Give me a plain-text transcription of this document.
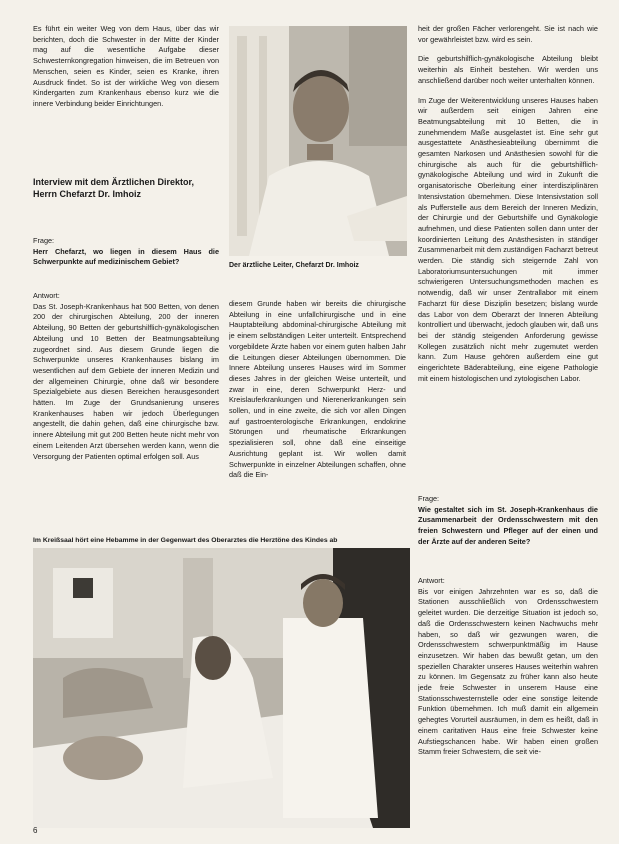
Es führt ein weiter Weg von dem Haus, über das wir berichten, doch die Schwester in der Mitte der Kinder mag auf die wesentliche Aufgabe dieser Schwesternkongregation hinweisen, die im Betreuen von Menschen, seien es Kinder, seien es Kranke, ihren Ausdruck findet. So ist der wirkliche Weg von diesem Kindergarten zum Krankenhaus ebenso kurz wie die innere Verbindung beider Einrichtungen.

Interview mit dem Ärztlichen Direktor, Herrn Chefarzt Dr. Imhoiz

Frage:

Herr Chefarzt, wo liegen in diesem Haus die Schwerpunkte auf medizinischem Gebiet?

Antwort:

Das St. Joseph-Krankenhaus hat 500 Betten, von denen 200 der chirurgischen Abteilung, 200 der inneren Abteilung, 90 Betten der geburtshilflich-gynäkologischen Abteilung und 10 Betten der Beatmungsabteilung zugeordnet sind. Aus diesem Grunde liegen die Schwerpunkte unseres Krankenhauses bislang im wesentlichen auf dem Gebiete der inneren Medizin und der allgemeinen Chirurgie, ohne daß wir besondere Spezialgebiete aus diesen Bereichen herausgesondert hätten. Im Zuge der Grundsanierung unseres Krankenhauses haben wir jedoch Überlegungen angestellt, die dahin gehen, daß eine chirurgische bzw. innere Abteilung mit gut 200 Betten heute nicht mehr von einem Leitenden Arzt übersehen werden kann, wenn die Versorgung der Patienten optimal erfolgen soll. Aus

diesem Grunde haben wir bereits die chirurgische Abteilung in eine unfallchirurgische und in eine Hauptabteilung abdominal-chirurgische Abteilung mit je einem selbständigen Leiter unterteilt. Entsprechend vorgebildete Ärzte haben vor einem guten halben Jahr die Leitungen dieser Abteilungen übernommen. Die Innere Abteilung unseres Hauses wird im Sommer dieses Jahres in der gleichen Weise unterteilt, und zwar in eine, deren Schwerpunkt Herz- und Kreislauferkrankungen und Nierenerkrankungen sein sollen, und in eine zweite, die sich vor allen Dingen auf gastroenterologische Erkrankungen, endokrine Störungen und rheumatische Erkrankungen spezialisieren soll, ohne daß eine einseitige Ausrichtung geplant ist. Wir wollen damit Schwerpunkte in einzelner Abteilungen schaffen, ohne daß die Ein-

Der ärztliche Leiter, Chefarzt Dr. Imhoiz

heit der großen Fächer verlorengeht. Sie ist nach wie vor gewährleistet bzw. wird es sein.

Die geburtshilflich-gynäkologische Abteilung bleibt weiterhin als Einheit bestehen. Wir werden uns anschließend darüber noch weiter unterhalten können.

Im Zuge der Weiterentwicklung unseres Hauses haben wir außerdem seit einigen Jahren eine Beatmungsabteilung mit 10 Betten, die in zunehmendem Maße ausgelastet ist. Eine sehr gut ausgestattete Anästhesieabteilung übernimmt die gesamten Narkosen und Anästhesien sowohl für die chirurgische als auch für die geburtshilflich-gynäkologische Abteilung und wird in Zukunft die organisatorische Oberleitung einer interdisziplinären Intensivstation übernehmen. Diese Intensivstation soll als Pufferstelle aus dem Bereich der Inneren Medizin, der Chirurgie und der Geburtshilfe und Gynäkologie aufnehmen, und diese Patienten sollen dann unter der koordinierten Leitung des Anästhesisten in ständiger Zusammenarbeit mit dem zuständigen Facharzt betreut werden. Die ständig sich steigernde Zahl von Laboratoriumsuntersuchungen mit immer schwierigeren Untersuchungsmethoden machen es notwendig, daß wir unser Zentrallabor mit einem Facharzt für diese Disziplin besetzen; bislang wurde das Labor von dem Oberarzt der Inneren Abteilung kontrolliert und überwacht, jedoch glauben wir, daß uns bei der ständig steigenden Anforderung gewisse Kollegen zusätzlich nicht mehr zugemutet werden kann. Zum Hause gehören außerdem eine gut eingerichtete Bäderabteilung, eine eigene Pathologie mit einem histologischen und zytologischen Labor.

Frage:

Wie gestaltet sich im St. Joseph-Krankenhaus die Zusammenarbeit der Ordensschwestern mit den freien Schwestern und Pfleger auf der einen und der Ärzte auf der anderen Seite?

Antwort:

Bis vor einigen Jahrzehnten war es so, daß die Stationen ausschließlich von Ordensschwestern geleitet wurden. Die derzeitige Situation ist jedoch so, daß die Ordensschwestern keinen Nachwuchs mehr haben, so daß wir gezwungen waren, die Ordensschwestern schwerpunktmäßig im Hause einzusetzen. Wir haben das bewußt getan, um den speziellen Charakter unseres Hauses weiterhin wahren zu können. Im Gegensatz zu früher kann also heute jede freie Schwester in unserem Hause eine Stationsschwesternstelle oder eine sonstige leitende Funktion übernehmen. Ich muß damit ein allgemein gehegtes Vorurteil ausräumen, in dem es heißt, daß in einem caritativen Haus eine freie Schwester keine Aufstiegschancen habe. Wir haben einen großen Stamm freier Schwestern, die seit vie-

Im Kreißsaal hört eine Hebamme in der Gegenwart des Oberarztes die Herztöne des Kindes ab
6
